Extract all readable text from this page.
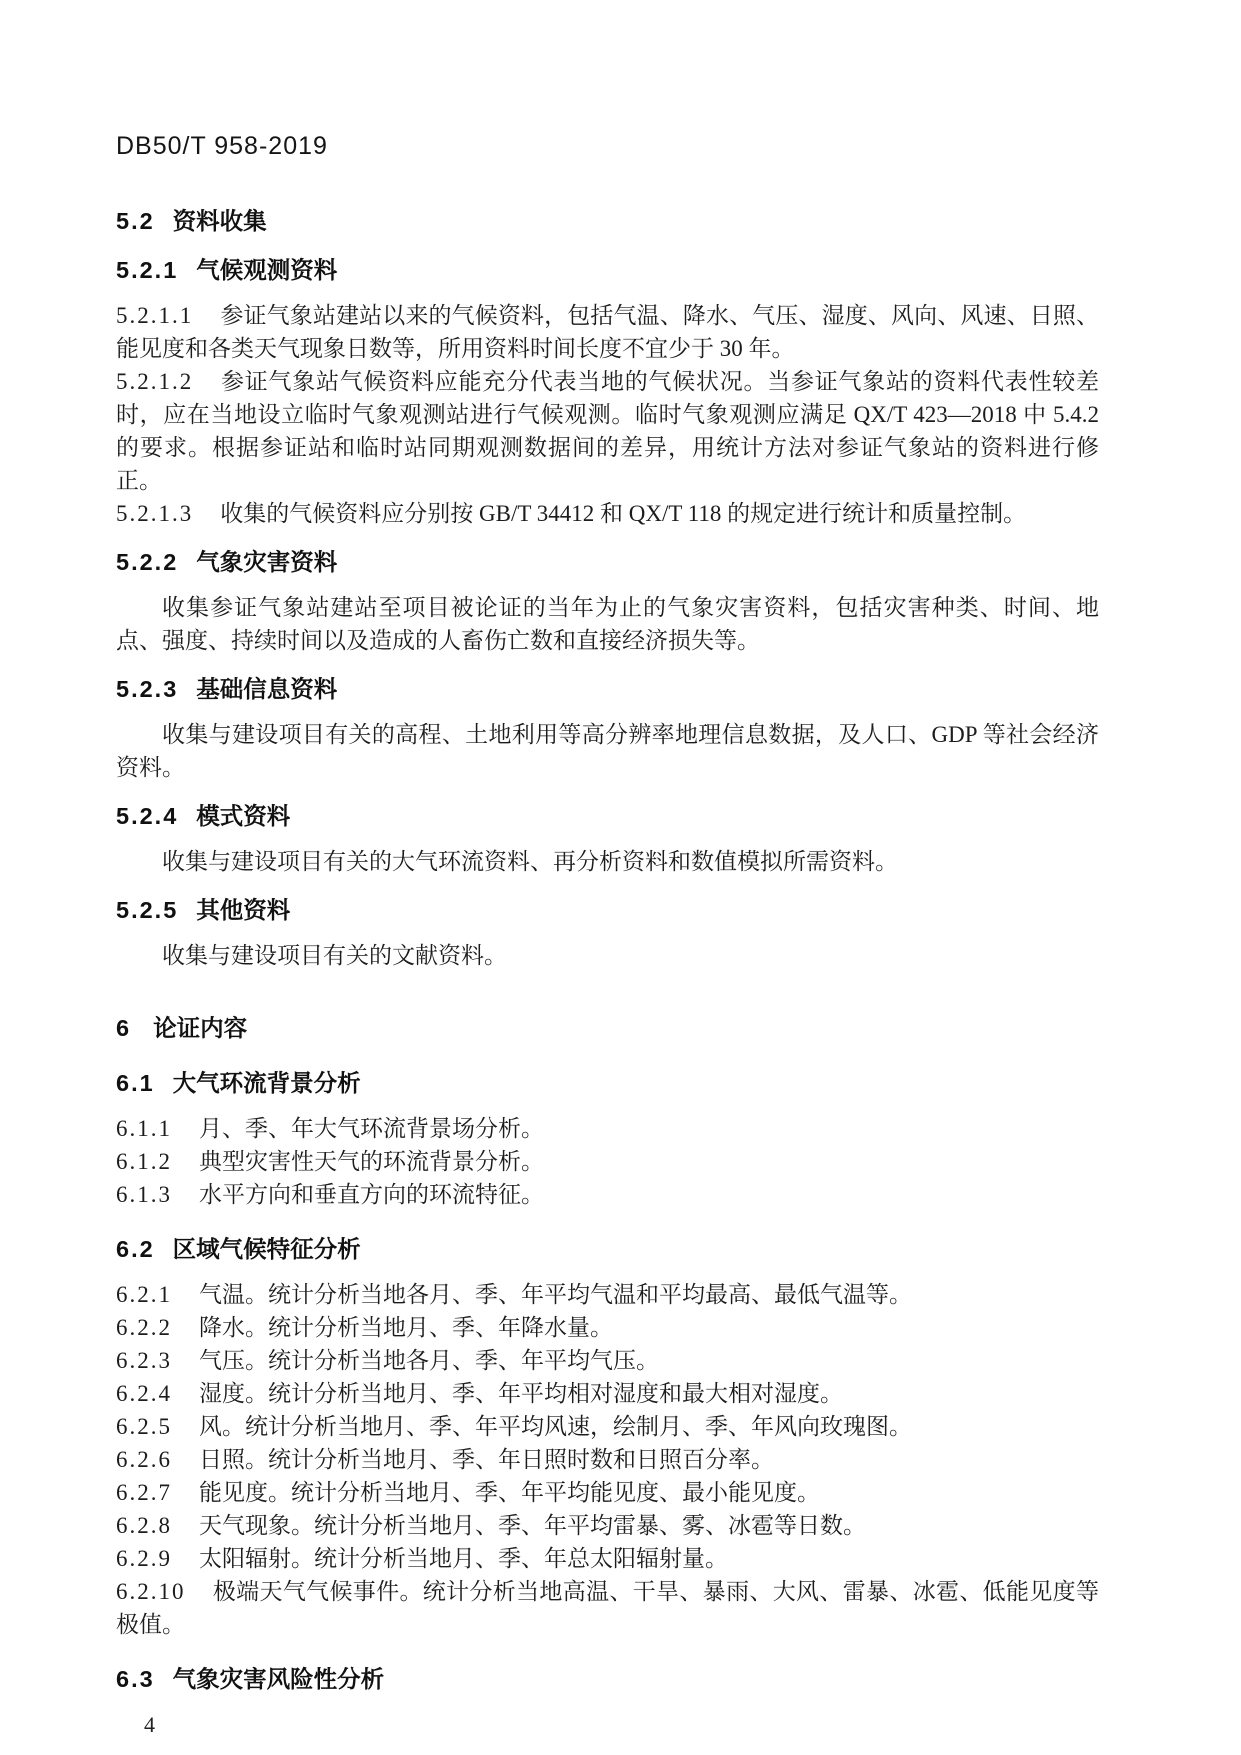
DB50/T 958-2019
5.2 资料收集
5.2.1 气候观测资料

5.2.1.1 参证气象站建站以来的气候资料，包括气温、降水、气压、湿度、风向、风速、日照、能见度和各类天气现象日数等，所用资料时间长度不宜少于 30 年。

5.2.1.2 参证气象站气候资料应能充分代表当地的气候状况。当参证气象站的资料代表性较差时，应在当地设立临时气象观测站进行气候观测。临时气象观测应满足 QX/T 423—2018 中 5.4.2 的要求。根据参证站和临时站同期观测数据间的差异，用统计方法对参证气象站的资料进行修正。

5.2.1.3 收集的气候资料应分别按 GB/T 34412 和 QX/T 118 的规定进行统计和质量控制。

5.2.2 气象灾害资料

收集参证气象站建站至项目被论证的当年为止的气象灾害资料，包括灾害种类、时间、地点、强度、持续时间以及造成的人畜伤亡数和直接经济损失等。

5.2.3 基础信息资料

收集与建设项目有关的高程、土地利用等高分辨率地理信息数据，及人口、GDP 等社会经济资料。

5.2.4 模式资料

收集与建设项目有关的大气环流资料、再分析资料和数值模拟所需资料。

5.2.5 其他资料

收集与建设项目有关的文献资料。

6 论证内容
6.1 大气环流背景分析

6.1.1 月、季、年大气环流背景场分析。

6.1.2 典型灾害性天气的环流背景分析。

6.1.3 水平方向和垂直方向的环流特征。

6.2 区域气候特征分析

6.2.1 气温。统计分析当地各月、季、年平均气温和平均最高、最低气温等。

6.2.2 降水。统计分析当地月、季、年降水量。

6.2.3 气压。统计分析当地各月、季、年平均气压。

6.2.4 湿度。统计分析当地月、季、年平均相对湿度和最大相对湿度。

6.2.5 风。统计分析当地月、季、年平均风速，绘制月、季、年风向玫瑰图。

6.2.6 日照。统计分析当地月、季、年日照时数和日照百分率。

6.2.7 能见度。统计分析当地月、季、年平均能见度、最小能见度。

6.2.8 天气现象。统计分析当地月、季、年平均雷暴、雾、冰雹等日数。

6.2.9 太阳辐射。统计分析当地月、季、年总太阳辐射量。

6.2.10 极端天气气候事件。统计分析当地高温、干旱、暴雨、大风、雷暴、冰雹、低能见度等极值。

6.3 气象灾害风险性分析
4
